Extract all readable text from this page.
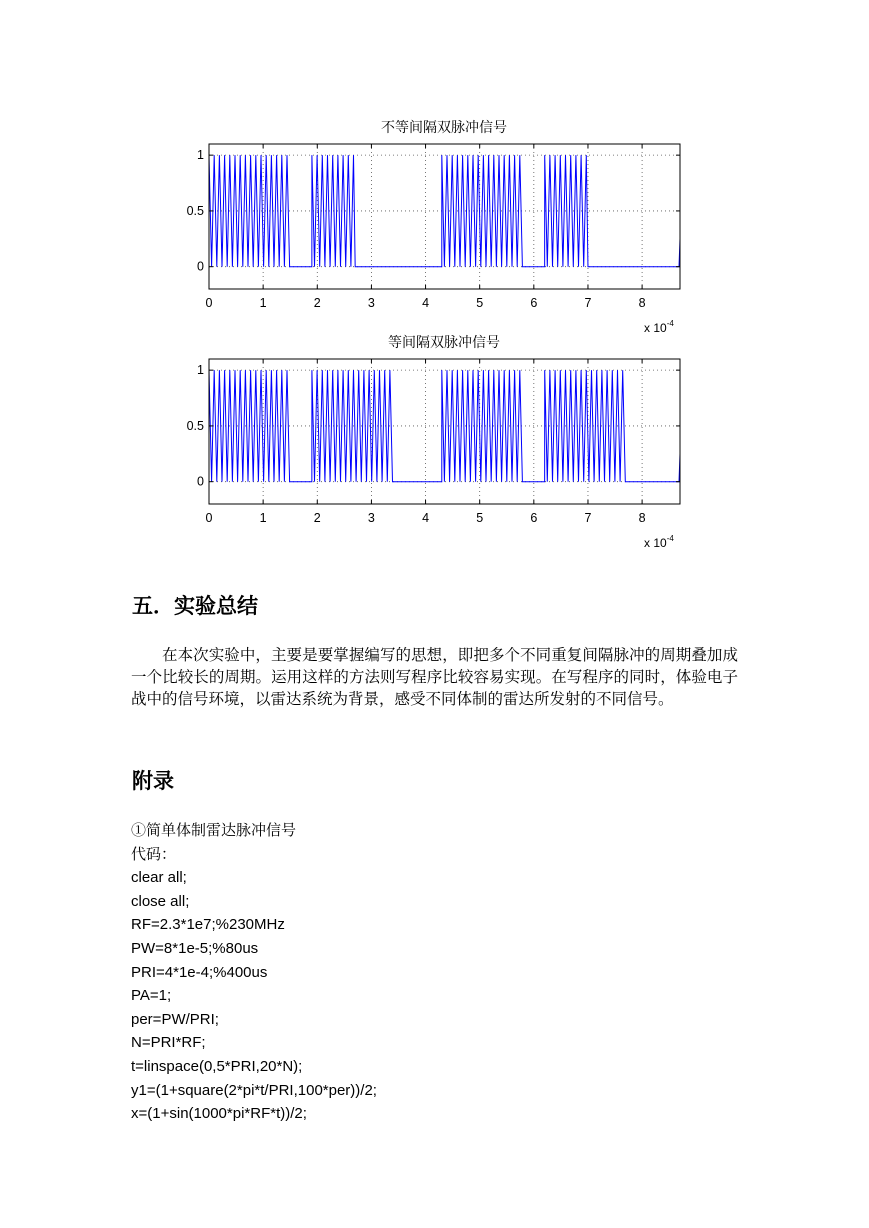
不等间隔双脉冲信号
0	1	2	3	4	5	6	7	8
0
0.5
1
x $10^{-4}$
等间隔双脉冲信号
0	1	2	3	4	5	6	7	8
0
0.5
1
x $10^{-4}$
五．实验总结

在本次实验中，主要是要掌握编写的思想，即把多个不同重复间隔脉冲的周期叠加成一个比较长的周期。运用这样的方法则写程序比较容易实现。在写程序的同时，体验电子战中的信号环境，以雷达系统为背景，感受不同体制的雷达所发射的不同信号。

附录
①简单体制雷达脉冲信号
代码：
clear all;
close all;
RF=2.3*1e7;%230MHz
PW=8*1e-5;%80us
PRI=4*1e-4;%400us
PA=1;
per=PW/PRI;
N=PRI*RF;
t=linspace(0,5*PRI,20*N);
y1=(1+square(2*pi*t/PRI,100*per))/2;
x=(1+sin(1000*pi*RF*t))/2;
